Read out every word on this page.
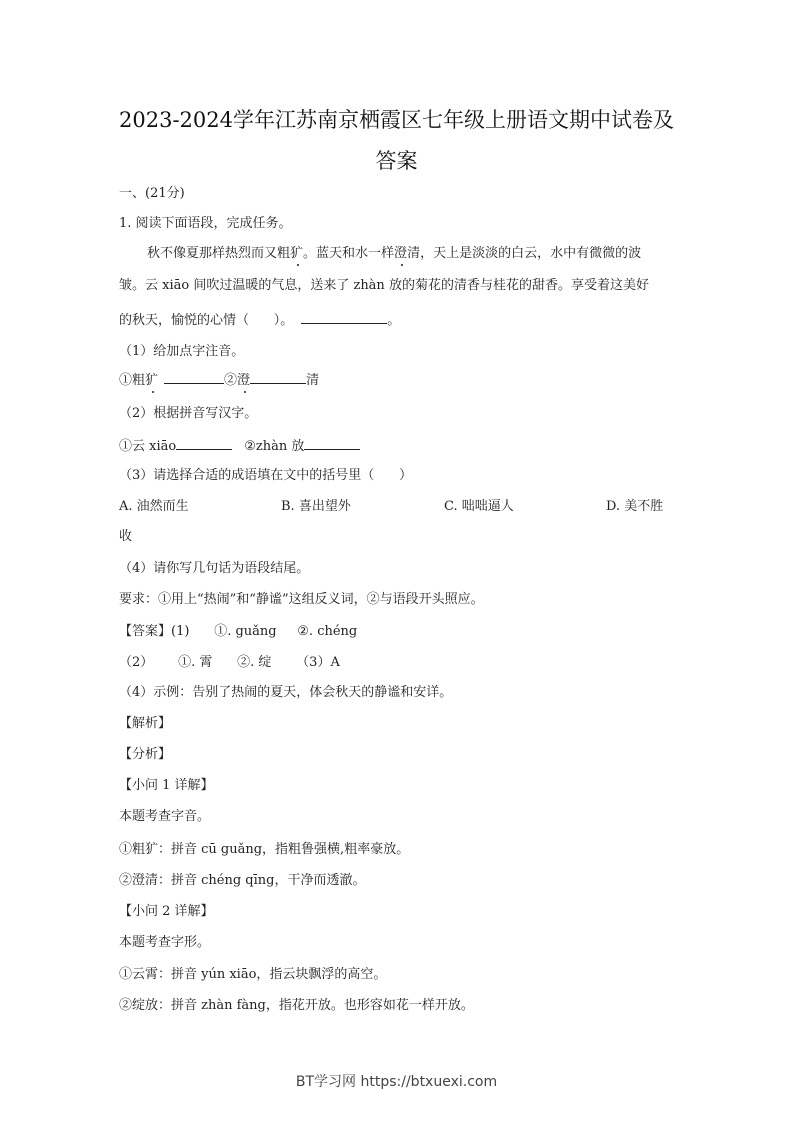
2023-2024学年江苏南京栖霞区七年级上册语文期中试卷及
答案
一、(21分)
1. 阅读下面语段，完成任务。
秋不像夏那样热烈而又粗犷。蓝天和水一样澄清，天上是淡淡的白云，水中有微微的波
皱。云 xiāo 间吹过温暖的气息，送来了 zhàn 放的菊花的清香与桂花的甜香。享受着这美好
的秋天，愉悦的心情（      ）。	。
（1）给加点字注音。
①粗犷	②澄	清
（2）根据拼音写汉字。
①云 xiāo	②zhàn 放
（3）请选择合适的成语填在文中的括号里（      ）
A. 油然而生	B. 喜出望外	C. 咄咄逼人	D. 美不胜
收
（4）请你写几句话为语段结尾。
要求：①用上“热闹”和“静谧”这组反义词，②与语段开头照应。
【答案】(1)      ①. guǎng     ②. chéng
（2）      ①. 霄      ②. 绽      （3）A
（4）示例：告别了热闹的夏天，体会秋天的静谧和安详。
【解析】
【分析】
【小问 1 详解】
本题考查字音。
①粗犷：拼音 cū guǎng，指粗鲁强横,粗率豪放。
②澄清：拼音 chéng qīng，干净而透澈。
【小问 2 详解】
本题考查字形。
①云霄：拼音 yún xiāo，指云块飘浮的高空。
②绽放：拼音 zhàn fàng，指花开放。也形容如花一样开放。
BT学习网 https://btxuexi.com
